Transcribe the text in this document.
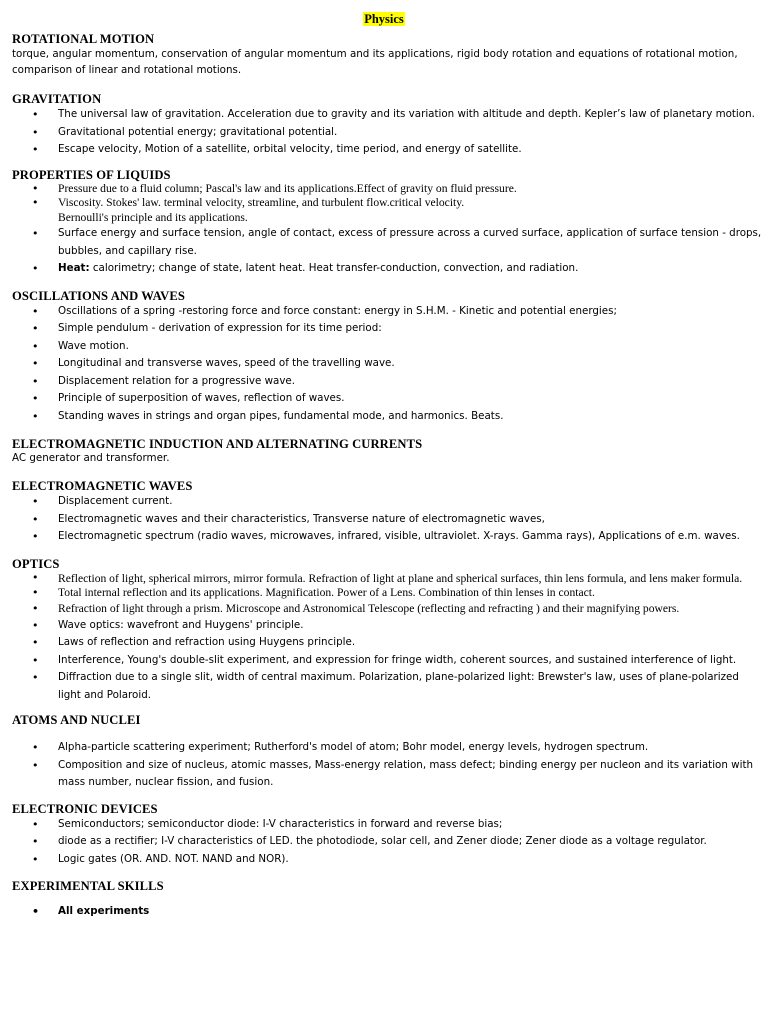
Physics

ROTATIONAL MOTION

torque, angular momentum, conservation of angular momentum and its applications, rigid body rotation and equations of rotational motion, comparison of linear and rotational motions.

GRAVITATION

• The universal law of gravitation. Acceleration due to gravity and its variation with altitude and depth. Kepler’s law of planetary motion.
• Gravitational potential energy; gravitational potential.
• Escape velocity, Motion of a satellite, orbital velocity, time period, and energy of satellite.

PROPERTIES OF LIQUIDS

• Pressure due to a fluid column; Pascal's law and its applications.Effect of gravity on fluid pressure.
• Viscosity. Stokes' law. terminal velocity, streamline, and turbulent flow.critical velocity.
Bernoulli's principle and its applications.
• Surface energy and surface tension, angle of contact, excess of pressure across a curved surface, application of surface tension - drops, bubbles, and capillary rise.
• Heat: calorimetry; change of state, latent heat. Heat transfer-conduction, convection, and radiation.

OSCILLATIONS AND WAVES

• Oscillations of a spring -restoring force and force constant: energy in S.H.M. - Kinetic and potential energies;
• Simple pendulum - derivation of expression for its time period:
• Wave motion.
• Longitudinal and transverse waves, speed of the travelling wave.
• Displacement relation for a progressive wave.
• Principle of superposition of waves, reflection of waves.
• Standing waves in strings and organ pipes, fundamental mode, and harmonics. Beats.

ELECTROMAGNETIC INDUCTION AND ALTERNATING CURRENTS

AC generator and transformer.

ELECTROMAGNETIC WAVES

• Displacement current.
• Electromagnetic waves and their characteristics, Transverse nature of electromagnetic waves,
• Electromagnetic spectrum (radio waves, microwaves, infrared, visible, ultraviolet. X-rays. Gamma rays), Applications of e.m. waves.

OPTICS

• Reflection of light, spherical mirrors, mirror formula. Refraction of light at plane and spherical surfaces, thin lens formula, and lens maker formula.
• Total internal reflection and its applications. Magnification. Power of a Lens. Combination of thin lenses in contact.
• Refraction of light through a prism. Microscope and Astronomical Telescope (reflecting and refracting ) and their magnifying powers.
• Wave optics: wavefront and Huygens' principle.
• Laws of reflection and refraction using Huygens principle.
• Interference, Young's double-slit experiment, and expression for fringe width, coherent sources, and sustained interference of light.
• Diffraction due to a single slit, width of central maximum. Polarization, plane-polarized light: Brewster's law, uses of plane-polarized light and Polaroid.

ATOMS AND NUCLEI

• Alpha-particle scattering experiment; Rutherford's model of atom; Bohr model, energy levels, hydrogen spectrum.
• Composition and size of nucleus, atomic masses, Mass-energy relation, mass defect; binding energy per nucleon and its variation with mass number, nuclear fission, and fusion.

ELECTRONIC DEVICES

• Semiconductors; semiconductor diode: I-V characteristics in forward and reverse bias;
• diode as a rectifier; I-V characteristics of LED. the photodiode, solar cell, and Zener diode; Zener diode as a voltage regulator.
• Logic gates (OR. AND. NOT. NAND and NOR).

EXPERIMENTAL SKILLS

• All experiments
